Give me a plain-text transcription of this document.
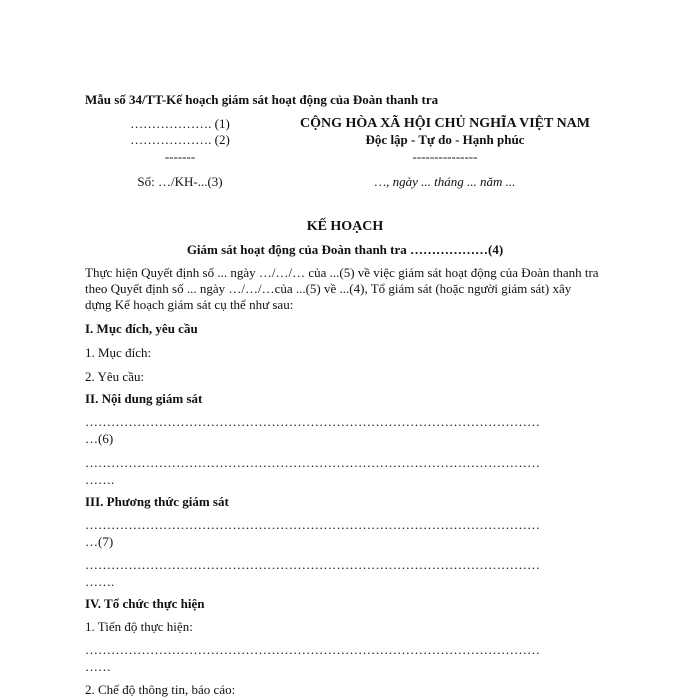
Mẫu số 34/TT-Kế hoạch giám sát hoạt động của Đoàn thanh tra
………………. (1)
………………. (2)
-------
Số: …/KH-...(3)
CỘNG HÒA XÃ HỘI CHỦ NGHĨA VIỆT NAM
Độc lập - Tự do - Hạnh phúc
---------------
…, ngày ... tháng ... năm ...
KẾ HOẠCH
Giám sát hoạt động của Đoàn thanh tra ………………(4)
Thực hiện Quyết định số ... ngày …/…/… của ...(5) về việc giám sát hoạt động của Đoàn thanh tra theo Quyết định số ... ngày …/…/…của ...(5) về ...(4), Tổ giám sát (hoặc người giám sát) xây dựng Kế hoạch giám sát cụ thể như sau:
I. Mục đích, yêu cầu
1. Mục đích:
2. Yêu cầu:
II. Nội dung giám sát
……………………………………………………………………………………………
…(6)
……………………………………………………………………………………………
…….
III. Phương thức giám sát
……………………………………………………………………………………………
…(7)
……………………………………………………………………………………………
…….
IV. Tổ chức thực hiện
1. Tiến độ thực hiện:
……………………………………………………………………………………………
……
2. Chế độ thông tin, báo cáo:
